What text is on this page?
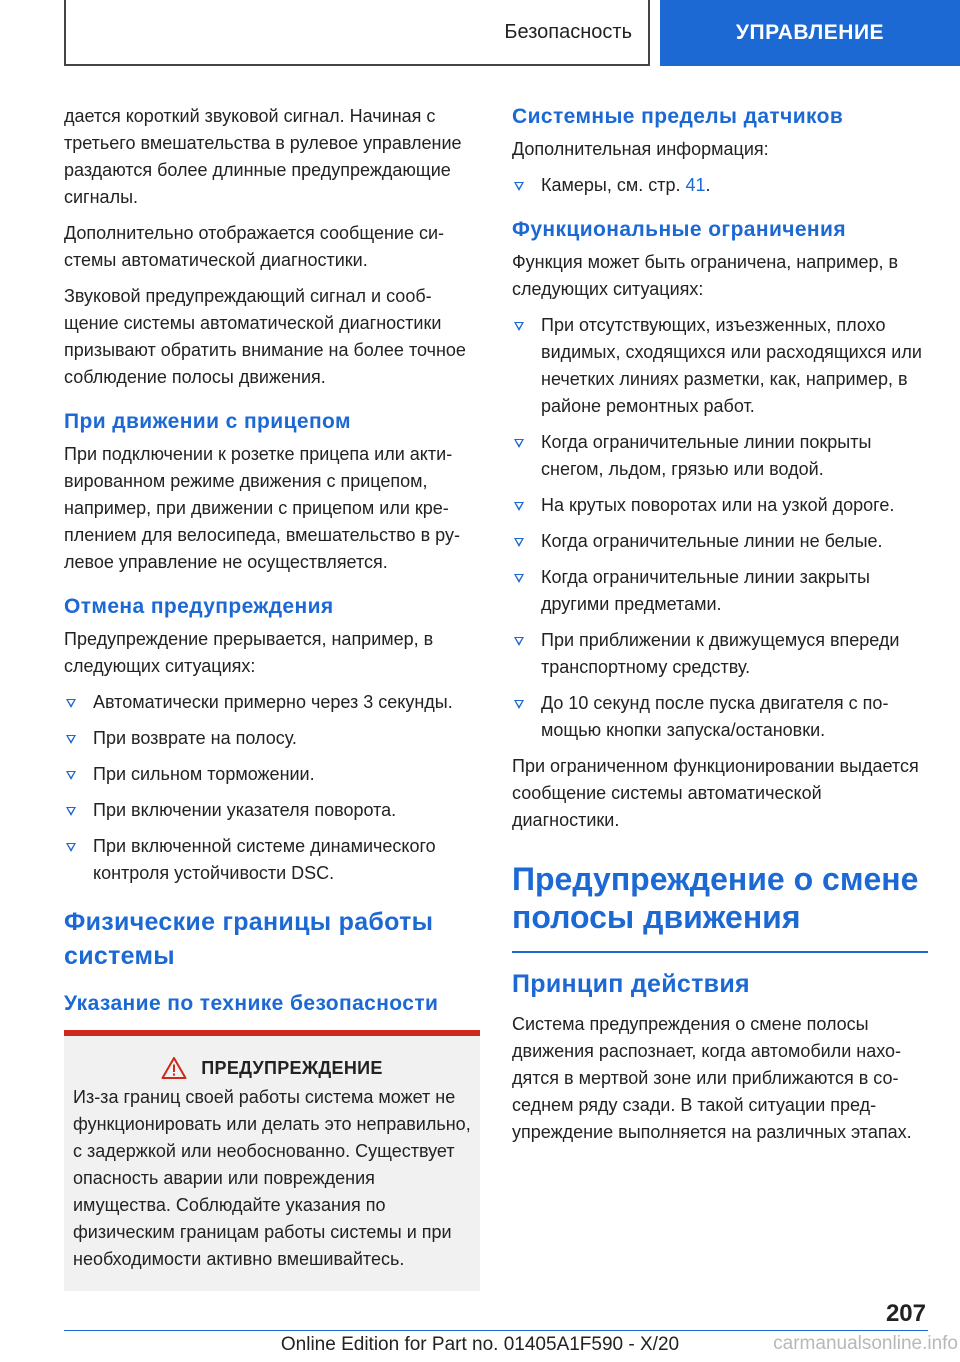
Безопасность	УПРАВЛЕНИЕ

дается короткий звуковой сигнал. Начиная с третьего вмешательства в рулевое управление раздаются более длинные предупреждающие сигналы.

Дополнительно отображается сообщение системы автоматической диагностики.

Звуковой предупреждающий сигнал и сообщение системы автоматической диагностики призывают обратить внимание на более точное соблюдение полосы движения.

При движении с прицепом

При подключении к розетке прицепа или активированном режиме движения с прицепом, например, при движении с прицепом или креплением для велосипеда, вмешательство в рулевое управление не осуществляется.

Отмена предупреждения

Предупреждение прерывается, например, в следующих ситуациях:

Автоматически примерно через 3 секунды.
При возврате на полосу.
При сильном торможении.
При включении указателя поворота.
При включенной системе динамического контроля устойчивости DSC.
Физические границы работы системы
Указание по технике безопасности
ПРЕДУПРЕЖДЕНИЕ

Из-за границ своей работы система может не функционировать или делать это неправильно, с задержкой или необоснованно. Существует опасность аварии или повреждения имущества. Соблюдайте указания по физическим границам работы системы и при необходимости активно вмешивайтесь.

Системные пределы датчиков

Дополнительная информация:

Камеры, см. стр. 41.
Функциональные ограничения

Функция может быть ограничена, например, в следующих ситуациях:

При отсутствующих, изъезженных, плохо видимых, сходящихся или расходящихся или нечетких линиях разметки, как, например, в районе ремонтных работ.
Когда ограничительные линии покрыты снегом, льдом, грязью или водой.
На крутых поворотах или на узкой дороге.
Когда ограничительные линии не белые.
Когда ограничительные линии закрыты другими предметами.
При приближении к движущемуся впереди транспортному средству.
До 10 секунд после пуска двигателя с помощью кнопки запуска/остановки.

При ограниченном функционировании выдается сообщение системы автоматической диагностики.

Предупреждение о смене полосы движения
Принцип действия

Система предупреждения о смене полосы движения распознает, когда автомобили находятся в мертвой зоне или приближаются в соседнем ряду сзади. В такой ситуации предупреждение выполняется на различных этапах.

207
Online Edition for Part no. 01405A1F590 - X/20	carmanualsonline.info
